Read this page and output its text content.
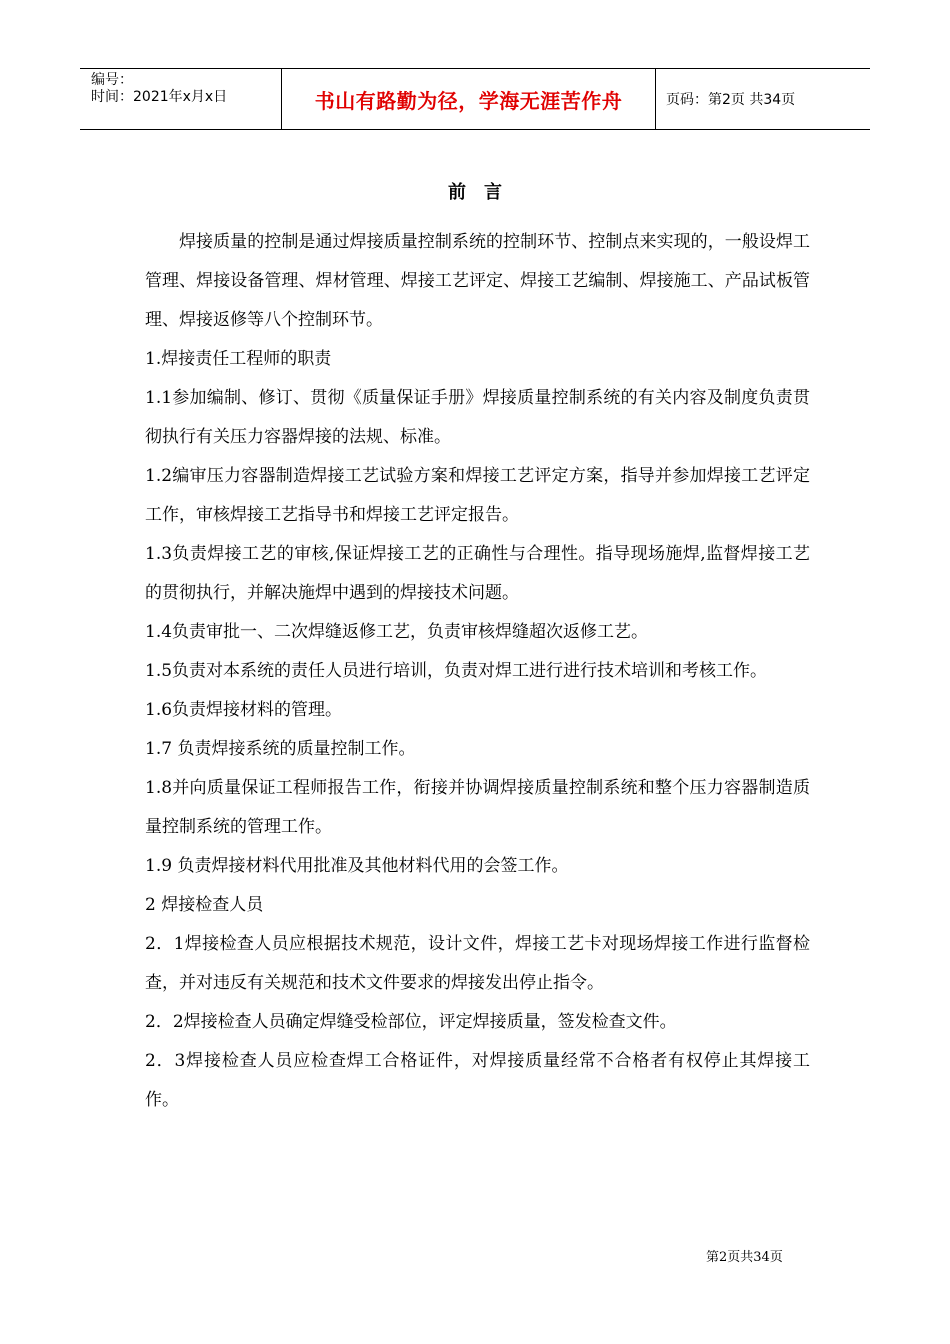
编号：
时间：2021年x月x日	书山有路勤为径，学海无涯苦作舟	页码：第2页 共34页
前言

焊接质量的控制是通过焊接质量控制系统的控制环节、控制点来实现的，一般设焊工管理、焊接设备管理、焊材管理、焊接工艺评定、焊接工艺编制、焊接施工、产品试板管理、焊接返修等八个控制环节。

1.焊接责任工程师的职责

1.1参加编制、修订、贯彻《质量保证手册》焊接质量控制系统的有关内容及制度负责贯彻执行有关压力容器焊接的法规、标准。

1.2编审压力容器制造焊接工艺试验方案和焊接工艺评定方案，指导并参加焊接工艺评定工作，审核焊接工艺指导书和焊接工艺评定报告。

1.3负责焊接工艺的审核,保证焊接工艺的正确性与合理性。指导现场施焊,监督焊接工艺的贯彻执行，并解决施焊中遇到的焊接技术问题。

1.4负责审批一、二次焊缝返修工艺，负责审核焊缝超次返修工艺。

1.5负责对本系统的责任人员进行培训，负责对焊工进行进行技术培训和考核工作。

1.6负责焊接材料的管理。

1.7 负责焊接系统的质量控制工作。

1.8并向质量保证工程师报告工作，衔接并协调焊接质量控制系统和整个压力容器制造质量控制系统的管理工作。

1.9 负责焊接材料代用批准及其他材料代用的会签工作。

2 焊接检查人员

2．1焊接检查人员应根据技术规范，设计文件，焊接工艺卡对现场焊接工作进行监督检查，并对违反有关规范和技术文件要求的焊接发出停止指令。

2．2焊接检查人员确定焊缝受检部位，评定焊接质量，签发检查文件。

2．3焊接检查人员应检查焊工合格证件，对焊接质量经常不合格者有权停止其焊接工作。

第2页共34页
